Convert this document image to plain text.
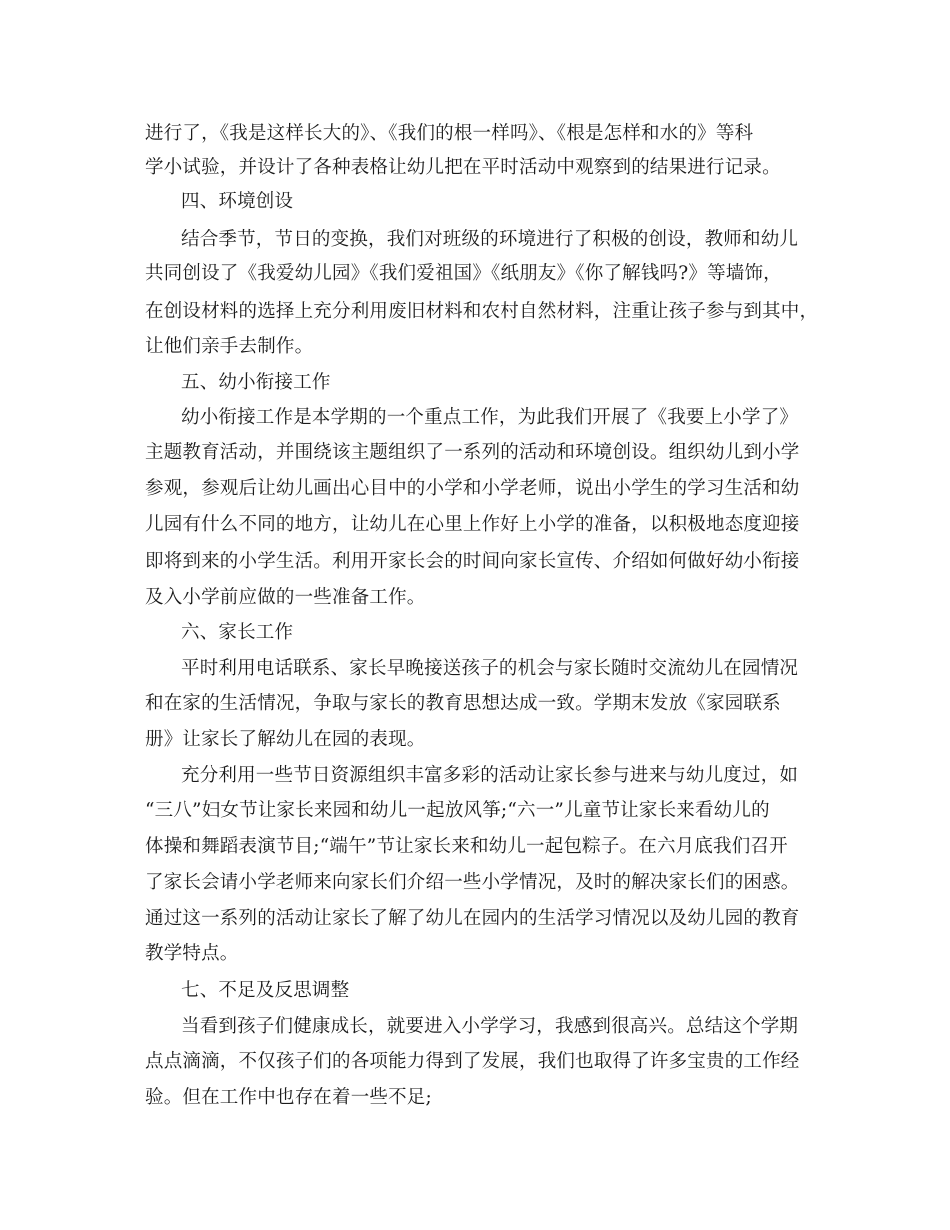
进行了，《我是这样长大的》、《我们的根一样吗》、《根是怎样和水的》等科
学小试验，并设计了各种表格让幼儿把在平时活动中观察到的结果进行记录。
四、环境创设
结合季节，节日的变换，我们对班级的环境进行了积极的创设，教师和幼儿
共同创设了《我爱幼儿园》《我们爱祖国》《纸朋友》《你了解钱吗?》等墙饰，
在创设材料的选择上充分利用废旧材料和农村自然材料，注重让孩子参与到其中，
让他们亲手去制作。
五、幼小衔接工作
幼小衔接工作是本学期的一个重点工作，为此我们开展了《我要上小学了》
主题教育活动，并围绕该主题组织了一系列的活动和环境创设。组织幼儿到小学
参观，参观后让幼儿画出心目中的小学和小学老师，说出小学生的学习生活和幼
儿园有什么不同的地方，让幼儿在心里上作好上小学的准备，以积极地态度迎接
即将到来的小学生活。利用开家长会的时间向家长宣传、介绍如何做好幼小衔接
及入小学前应做的一些准备工作。
六、家长工作
平时利用电话联系、家长早晚接送孩子的机会与家长随时交流幼儿在园情况
和在家的生活情况，争取与家长的教育思想达成一致。学期末发放《家园联系
册》让家长了解幼儿在园的表现。
充分利用一些节日资源组织丰富多彩的活动让家长参与进来与幼儿度过，如
“三八”妇女节让家长来园和幼儿一起放风筝;“六一”儿童节让家长来看幼儿的
体操和舞蹈表演节目;“端午”节让家长来和幼儿一起包粽子。在六月底我们召开
了家长会请小学老师来向家长们介绍一些小学情况，及时的解决家长们的困惑。
通过这一系列的活动让家长了解了幼儿在园内的生活学习情况以及幼儿园的教育
教学特点。
七、不足及反思调整
当看到孩子们健康成长，就要进入小学学习，我感到很高兴。总结这个学期
点点滴滴，不仅孩子们的各项能力得到了发展，我们也取得了许多宝贵的工作经
验。但在工作中也存在着一些不足;
